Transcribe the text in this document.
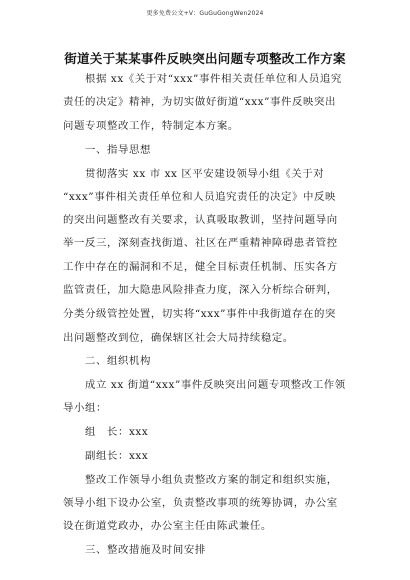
更多免费公文+V：GuGuGongWen2024
街道关于某某事件反映突出问题专项整改工作方案
根据 xx《关于对“xxx”事件相关责任单位和人员追究
责任的决定》精神，为切实做好街道“xxx”事件反映突出
问题专项整改工作，特制定本方案。
一、指导思想
贯彻落实 xx 市 xx 区平安建设领导小组《关于对
“xxx”事件相关责任单位和人员追究责任的决定》中反映
的突出问题整改有关要求，认真吸取教训，坚持问题导向
举一反三，深刻查找街道、社区在严重精神障碍患者管控
工作中存在的漏洞和不足，健全目标责任机制、压实各方
监管责任，加大隐患风险排查力度，深入分析综合研判，
分类分级管控处置，切实将“xxx”事件中我街道存在的突
出问题整改到位，确保辖区社会大局持续稳定。
二、组织机构
成立 xx 街道“xxx”事件反映突出问题专项整改工作领
导小组：
组　长：xxx
副组长：xxx
整改工作领导小组负责整改方案的制定和组织实施，
领导小组下设办公室，负责整改事项的统筹协调，办公室
设在街道党政办，办公室主任由陈武兼任。
三、整改措施及时间安排
